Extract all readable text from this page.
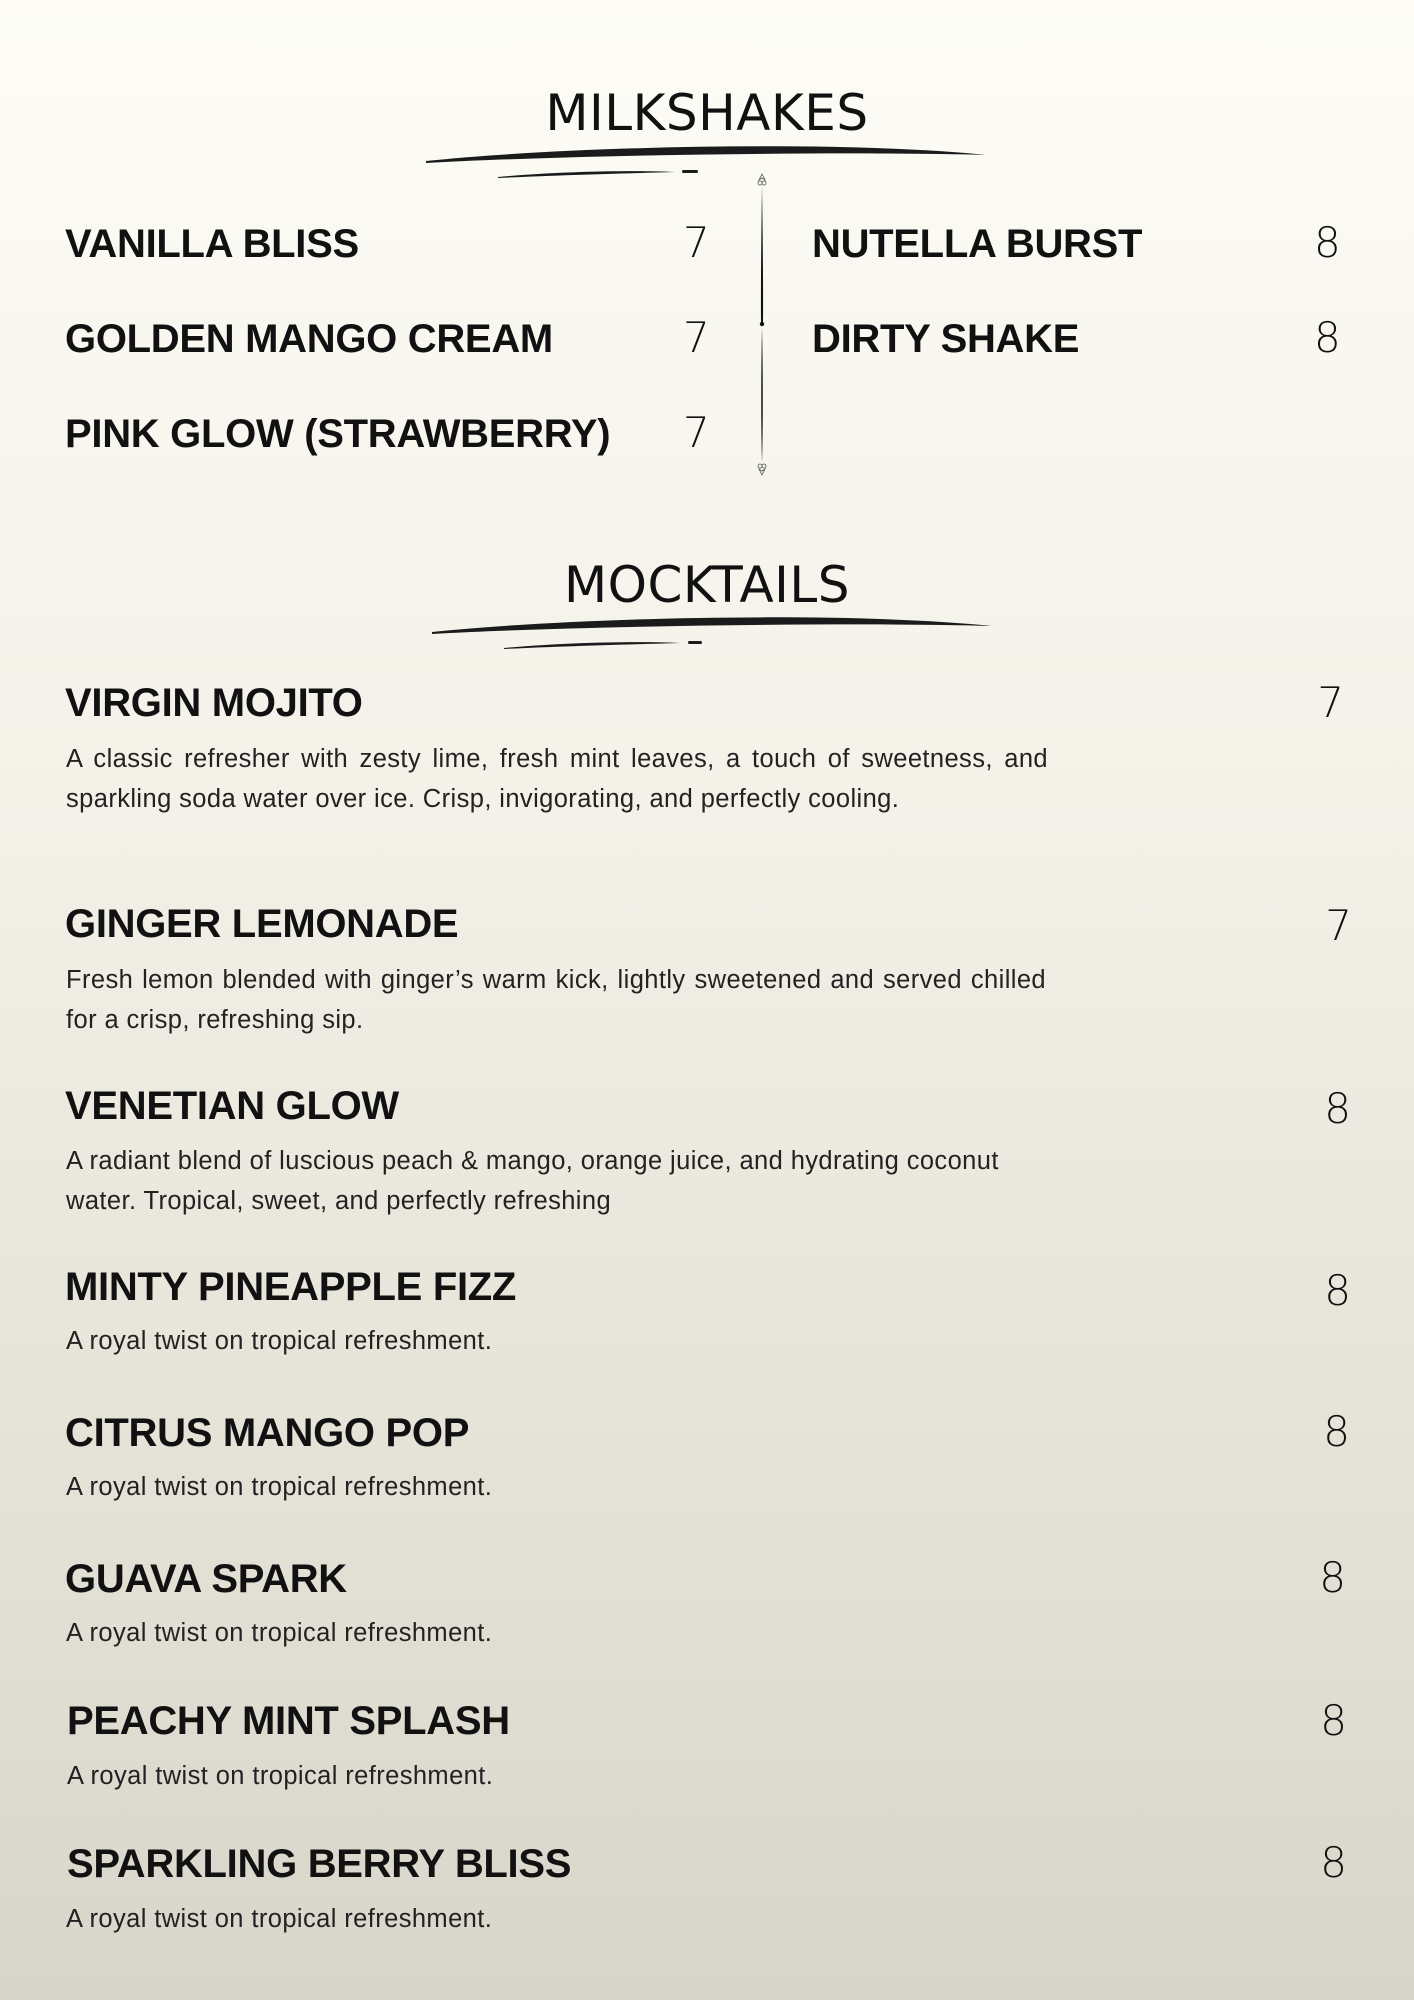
MILKSHAKES
VANILLA BLISS	7
GOLDEN MANGO CREAM	7
PINK GLOW (STRAWBERRY) 7
NUTELLA BURST	8
DIRTY SHAKE	8
MOCKTAILS
VIRGIN MOJITO	7
A classic refresher with zesty lime, fresh mint leaves, a touch of sweetness, and sparkling soda water over ice. Crisp, invigorating, and perfectly cooling.
GINGER LEMONADE	7
Fresh lemon blended with ginger’s warm kick, lightly sweetened and served chilled for a crisp, refreshing sip.
VENETIAN GLOW	8
A radiant blend of luscious peach & mango, orange juice, and hydrating coconut water. Tropical, sweet, and perfectly refreshing
MINTY PINEAPPLE FIZZ	8
A royal twist on tropical refreshment.
CITRUS MANGO POP	8
A royal twist on tropical refreshment.
GUAVA SPARK	8
A royal twist on tropical refreshment.
PEACHY MINT SPLASH	8
A royal twist on tropical refreshment.
SPARKLING BERRY BLISS	8
A royal twist on tropical refreshment.
